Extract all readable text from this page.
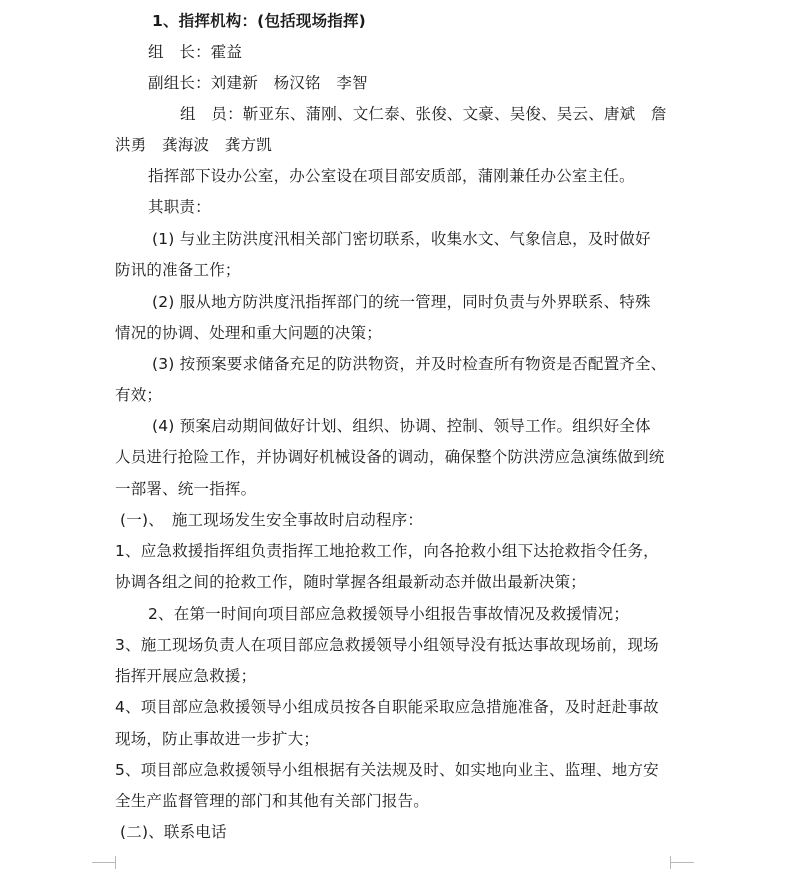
1、指挥机构：(包括现场指挥)
组　长：霍益
副组长：刘建新　杨汉铭　李智
组　员：靳亚东、蒲刚、文仁泰、张俊、文豪、吴俊、吴云、唐斌　詹
洪勇　龚海波　龚方凯
指挥部下设办公室，办公室设在项目部安质部，蒲刚兼任办公室主任。
其职责：
(1) 与业主防洪度汛相关部门密切联系，收集水文、气象信息，及时做好
防讯的准备工作；
(2) 服从地方防洪度汛指挥部门的统一管理，同时负责与外界联系、特殊
情况的协调、处理和重大问题的决策；
(3) 按预案要求储备充足的防洪物资，并及时检查所有物资是否配置齐全、
有效；
(4) 预案启动期间做好计划、组织、协调、控制、领导工作。组织好全体
人员进行抢险工作，并协调好机械设备的调动，确保整个防洪涝应急演练做到统
一部署、统一指挥。
(一)、　施工现场发生安全事故时启动程序：
1、应急救援指挥组负责指挥工地抢救工作，向各抢救小组下达抢救指令任务，
协调各组之间的抢救工作，随时掌握各组最新动态并做出最新决策；
2、在第一时间向项目部应急救援领导小组报告事故情况及救援情况；
3、施工现场负责人在项目部应急救援领导小组领导没有抵达事故现场前，现场
指挥开展应急救援；
4、项目部应急救援领导小组成员按各自职能采取应急措施准备，及时赶赴事故
现场，防止事故进一步扩大；
5、项目部应急救援领导小组根据有关法规及时、如实地向业主、监理、地方安
全生产监督管理的部门和其他有关部门报告。
(二)、联系电话
